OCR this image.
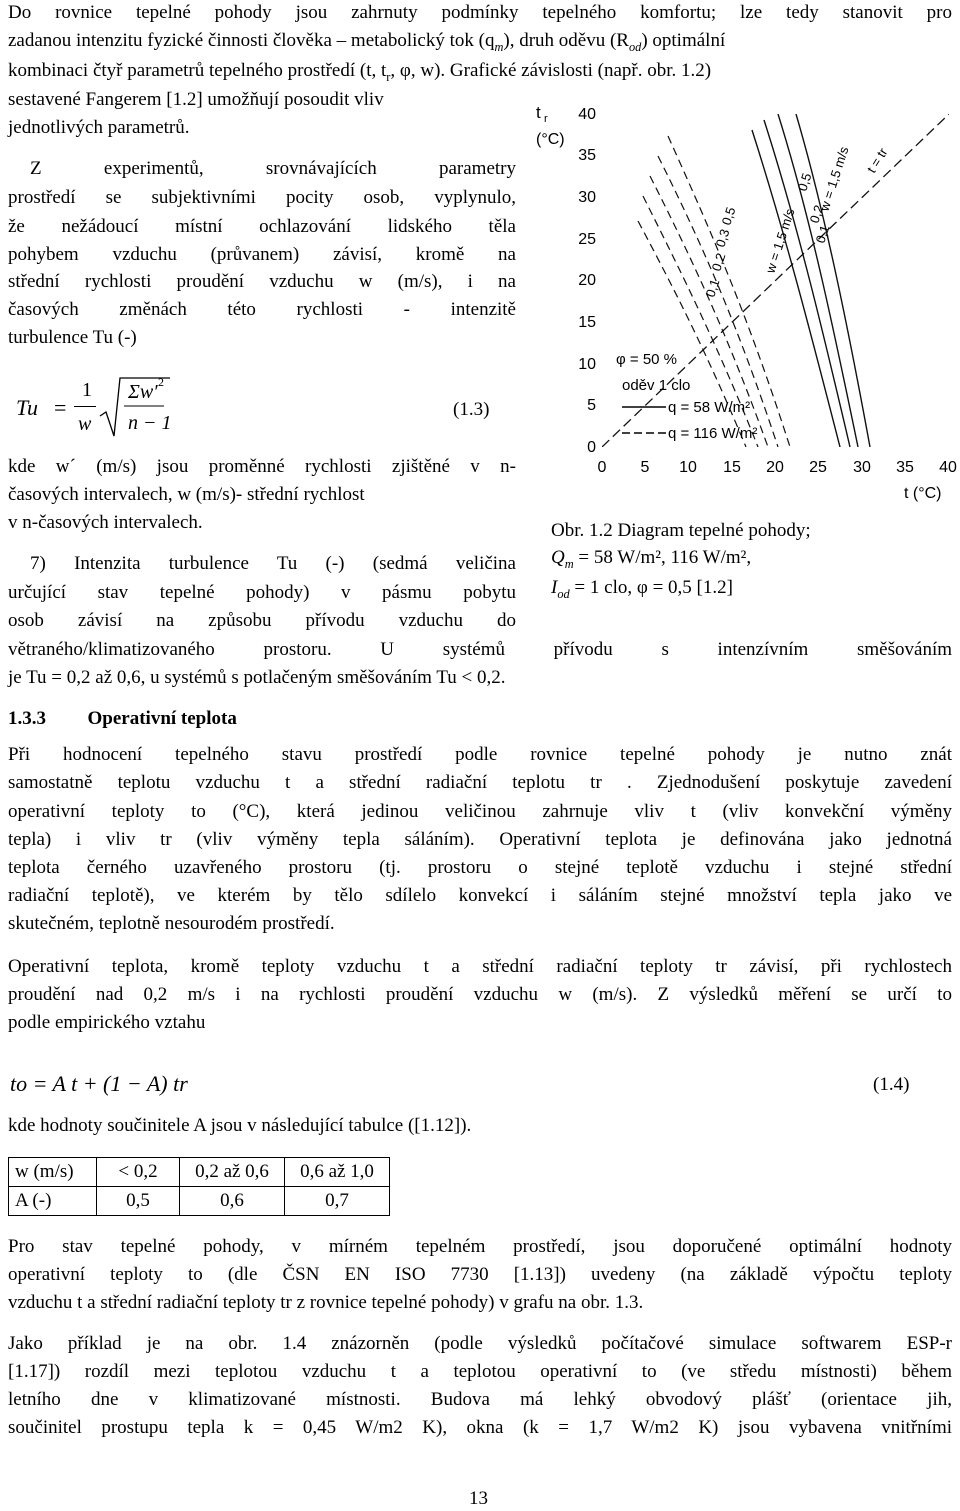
Do rovnice tepelné pohody jsou zahrnuty podmínky tepelného komfortu; lze tedy stanovit pro
zadanou intenzitu fyzické činnosti člověka – metabolický tok $(q_m)$, druh oděvu $(R_{od})$ optimální
kombinaci čtyř parametrů tepelného prostředí (t, $t_r$, φ, w). Grafické závislosti (např. obr. 1.2)
sestavené Fangerem [1.2] umožňují posoudit vliv
jednotlivých parametrů.
Z experimentů, srovnávajících parametry
prostředí se subjektivními pocity osob, vyplynulo,
že nežádoucí místní ochlazování lidského těla
pohybem vzduchu (průvanem) závisí, kromě na
střední rychlosti proudění vzduchu w (m/s), i na
časových změnách této rychlosti - intenzitě
turbulence Tu (-)
Tu =
1
w
Σw′ 2
n − 1
(1.3)
kde w´ (m/s) jsou proměnné rychlosti zjištěné v n-
časových intervalech, w (m/s)- střední rychlost
v n-časových intervalech.
7) Intenzita turbulence Tu (-) (sedmá veličina
určující stav tepelné pohody) v pásmu pobytu
osob závisí na způsobu přívodu vzduchu do
větraného/klimatizovaného prostoru. U systémů přívodu s intenzívním směšováním
je Tu = 0,2 až 0,6, u systémů s potlačeným směšováním Tu < 0,2.
Obr. 1.2 Diagram tepelné pohody;
$Q_m = 58$ W/m², 116 W/m²,
$I_{od} = 1$ clo, φ = 0,5 [1.2]
1.3.3 Operativní teplota
Při hodnocení tepelného stavu prostředí podle rovnice tepelné pohody je nutno znát
samostatně teplotu vzduchu t a střední radiační teplotu tr . Zjednodušení poskytuje zavedení
operativní teploty to (°C), která jedinou veličinou zahrnuje vliv t (vliv konvekční výměny
tepla) i vliv tr (vliv výměny tepla sáláním). Operativní teplota je definována jako jednotná
teplota černého uzavřeného prostoru (tj. prostoru o stejné teplotě vzduchu i stejné střední
radiační teplotě), ve kterém by tělo sdílelo konvekcí i sáláním stejné množství tepla jako ve
skutečném, teplotně nesourodém prostředí.
Operativní teplota, kromě teploty vzduchu t a střední radiační teploty tr závisí, při rychlostech
proudění nad 0,2 m/s i na rychlosti proudění vzduchu w (m/s). Z výsledků měření se určí to
podle empirického vztahu
to = A t + (1 − A) tr	(1.4)
kde hodnoty součinitele A jsou v následující tabulce ([1.12]).
w (m/s)	< 0,2	0,2 až 0,6	0,6 až 1,0
A (-)	0,5	0,6	0,7
Pro stav tepelné pohody, v mírném tepelném prostředí, jsou doporučené optimální hodnoty
operativní teploty to (dle ČSN EN ISO 7730 [1.13]) uvedeny (na základě výpočtu teploty
vzduchu t a střední radiační teploty tr z rovnice tepelné pohody) v grafu na obr. 1.3.
Jako příklad je na obr. 1.4 znázorněn (podle výsledků počítačové simulace softwarem ESP-r
[1.17]) rozdíl mezi teplotou vzduchu t a teplotou operativní to (ve středu místnosti) během
letního dne v klimatizované místnosti. Budova má lehký obvodový plášť (orientace jih,
součinitel prostupu tepla k = 0,45 W/m2 K), okna (k = 1,7 W/m2 K) jsou vybavena vnitřními
13
t r
(°C)
t (°C)
0
5
10
15
20
25
30
35
40
0 5 10 15 20 25 30 35 40
t = tr
w = 1,5 m/s
0,5
0,2
0,1
w = 1,5 m/s
0,5
0,3
0,2
0,1
φ = 50 %
oděv 1 clo
q = 58 W/m²
q = 116 W/m²
